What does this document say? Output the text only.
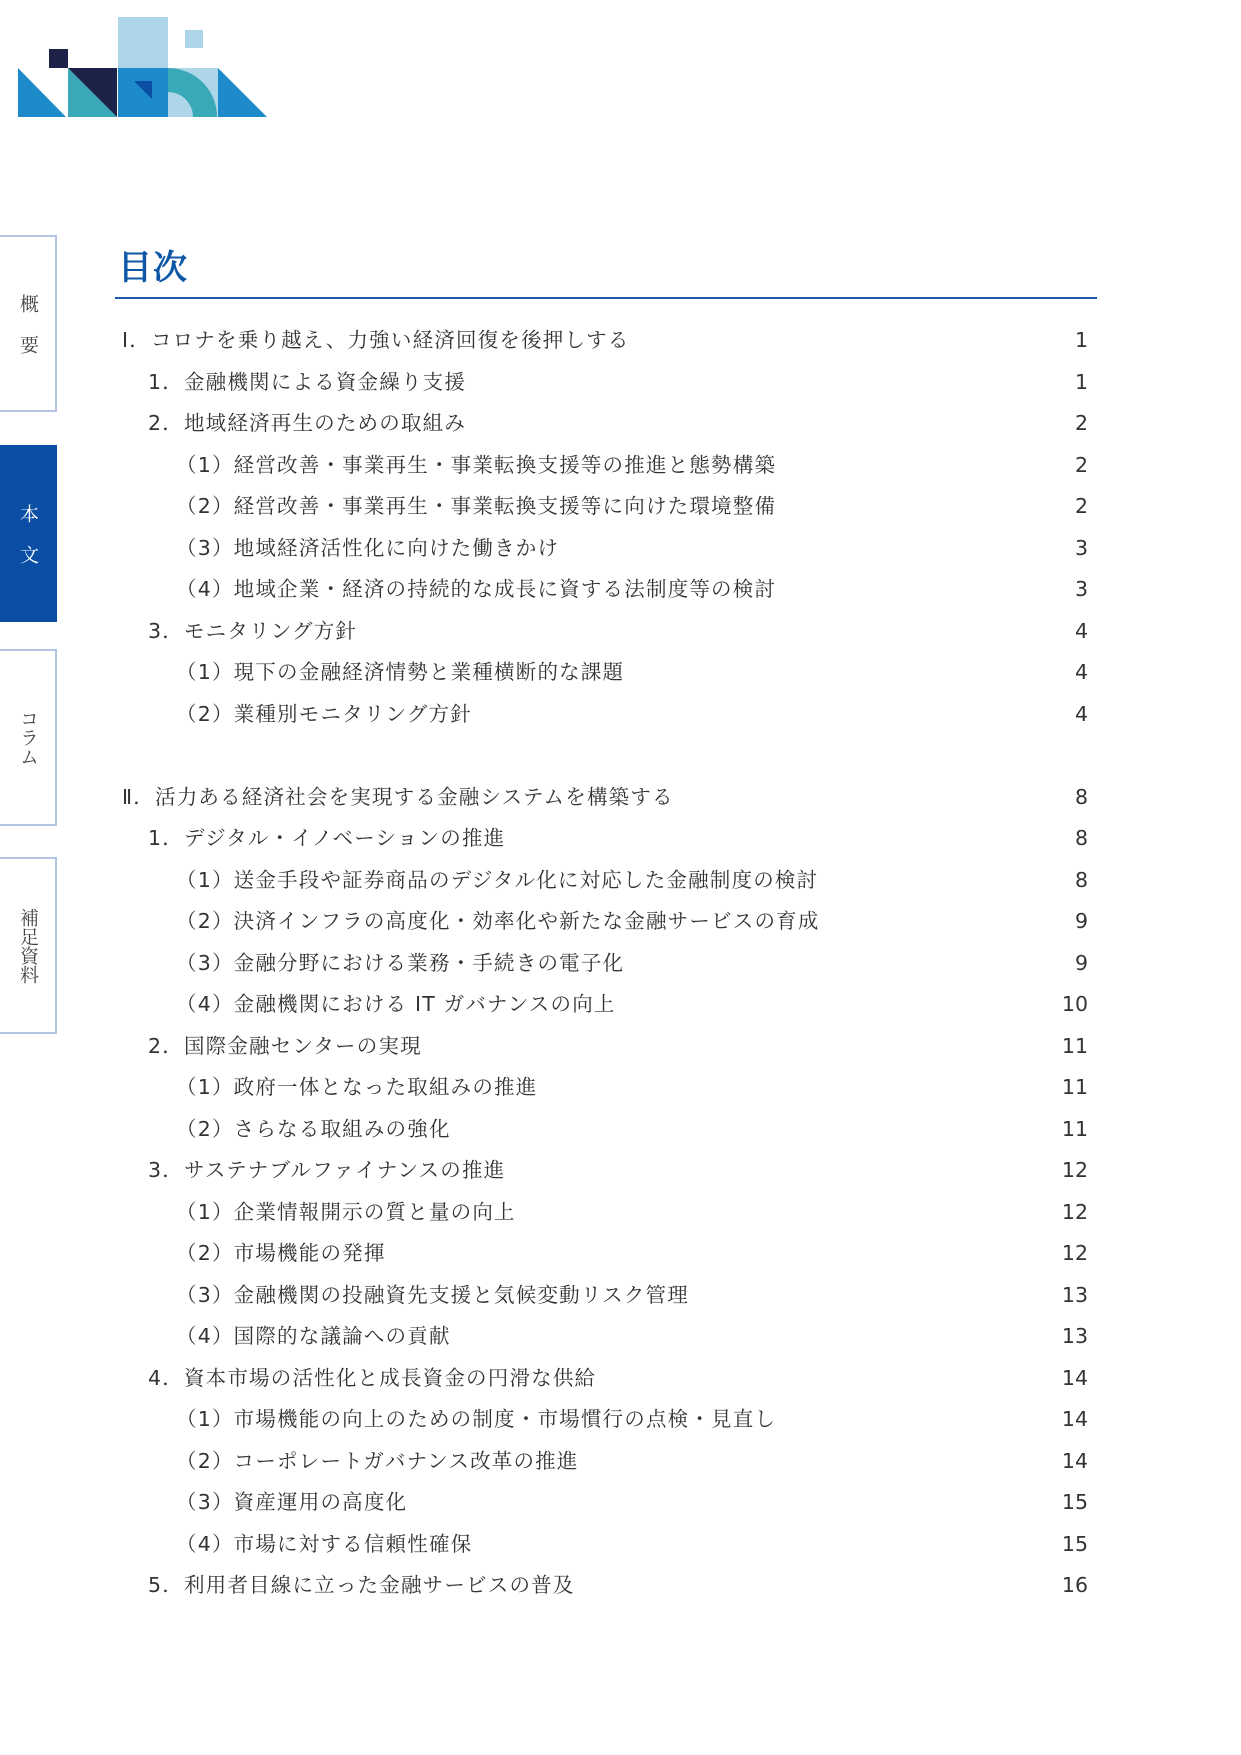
概要
本文
コラム
補足資料
目次
Ⅰ．コロナを乗り越え、力強い経済回復を後押しする	1
1．金融機関による資金繰り支援	1
2．地域経済再生のための取組み	2
（1）経営改善・事業再生・事業転換支援等の推進と態勢構築	2
（2）経営改善・事業再生・事業転換支援等に向けた環境整備	2
（3）地域経済活性化に向けた働きかけ	3
（4）地域企業・経済の持続的な成長に資する法制度等の検討	3
3．モニタリング方針	4
（1）現下の金融経済情勢と業種横断的な課題	4
（2）業種別モニタリング方針	4
Ⅱ．活力ある経済社会を実現する金融システムを構築する	8
1．デジタル・イノベーションの推進	8
（1）送金手段や証券商品のデジタル化に対応した金融制度の検討	8
（2）決済インフラの高度化・効率化や新たな金融サービスの育成	9
（3）金融分野における業務・手続きの電子化	9
（4）金融機関における IT ガバナンスの向上	10
2．国際金融センターの実現	11
（1）政府一体となった取組みの推進	11
（2）さらなる取組みの強化	11
3．サステナブルファイナンスの推進	12
（1）企業情報開示の質と量の向上	12
（2）市場機能の発揮	12
（3）金融機関の投融資先支援と気候変動リスク管理	13
（4）国際的な議論への貢献	13
4．資本市場の活性化と成長資金の円滑な供給	14
（1）市場機能の向上のための制度・市場慣行の点検・見直し	14
（2）コーポレートガバナンス改革の推進	14
（3）資産運用の高度化	15
（4）市場に対する信頼性確保	15
5．利用者目線に立った金融サービスの普及	16
